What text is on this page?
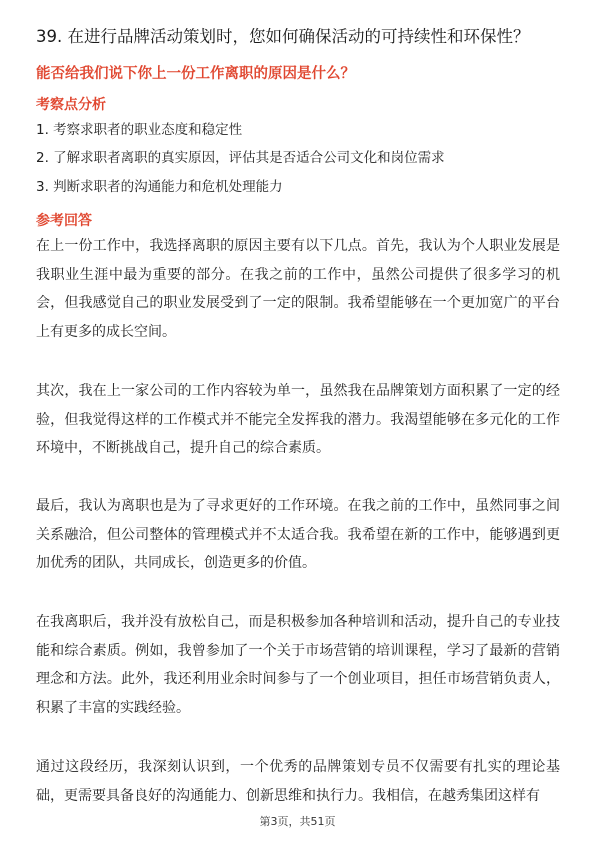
39. 在进行品牌活动策划时，您如何确保活动的可持续性和环保性？
能否给我们说下你上一份工作离职的原因是什么？
考察点分析
1. 考察求职者的职业态度和稳定性
2. 了解求职者离职的真实原因，评估其是否适合公司文化和岗位需求
3. 判断求职者的沟通能力和危机处理能力
参考回答

在上一份工作中，我选择离职的原因主要有以下几点。首先，我认为个人职业发展是我职业生涯中最为重要的部分。在我之前的工作中，虽然公司提供了很多学习的机会，但我感觉自己的职业发展受到了一定的限制。我希望能够在一个更加宽广的平台上有更多的成长空间。

其次，我在上一家公司的工作内容较为单一，虽然我在品牌策划方面积累了一定的经验，但我觉得这样的工作模式并不能完全发挥我的潜力。我渴望能够在多元化的工作环境中，不断挑战自己，提升自己的综合素质。

最后，我认为离职也是为了寻求更好的工作环境。在我之前的工作中，虽然同事之间关系融洽，但公司整体的管理模式并不太适合我。我希望在新的工作中，能够遇到更加优秀的团队，共同成长，创造更多的价值。

在我离职后，我并没有放松自己，而是积极参加各种培训和活动，提升自己的专业技能和综合素质。例如，我曾参加了一个关于市场营销的培训课程，学习了最新的营销理念和方法。此外，我还利用业余时间参与了一个创业项目，担任市场营销负责人，积累了丰富的实践经验。

通过这段经历，我深刻认识到，一个优秀的品牌策划专员不仅需要有扎实的理论基础，更需要具备良好的沟通能力、创新思维和执行力。我相信，在越秀集团这样有

第3页，共51页
